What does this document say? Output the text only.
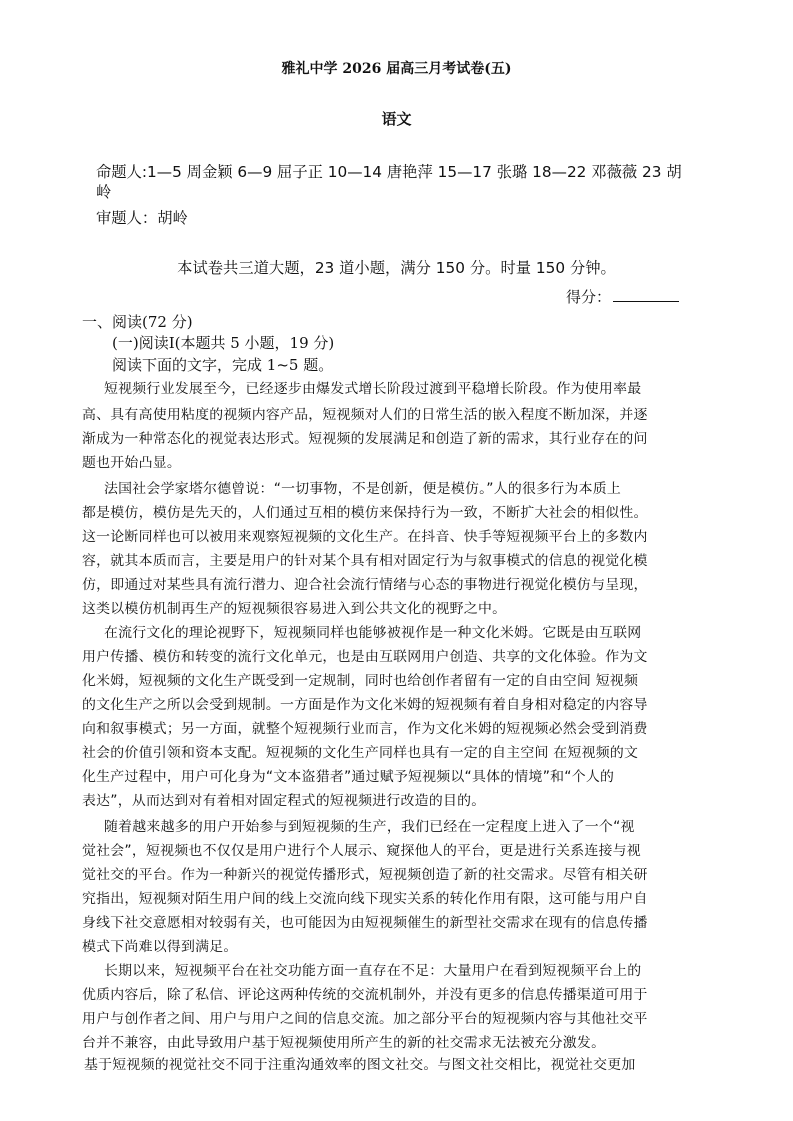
雅礼中学 2026 届高三月考试卷(五)
语文
命题人:1—5 周金颖 6—9 屈子正 10—14 唐艳萍 15—17 张璐 18—22 邓薇薇 23 胡
岭
审题人：胡岭
本试卷共三道大题，23 道小题，满分 150 分。时量 150 分钟。
得分：
一、阅读(72 分)
(一)阅读Ⅰ(本题共 5 小题，19 分)
阅读下面的文字，完成 1~5 题。
短视频行业发展至今，已经逐步由爆发式增长阶段过渡到平稳增长阶段。作为使用率最
高、具有高使用粘度的视频内容产品，短视频对人们的日常生活的嵌入程度不断加深，并逐
渐成为一种常态化的视觉表达形式。短视频的发展满足和创造了新的需求，其行业存在的问
题也开始凸显。
法国社会学家塔尔德曾说：“一切事物，不是创新，便是模仿。”人的很多行为本质上
都是模仿，模仿是先天的，人们通过互相的模仿来保持行为一致，不断扩大社会的相似性。
这一论断同样也可以被用来观察短视频的文化生产。在抖音、快手等短视频平台上的多数内
容，就其本质而言，主要是用户的针对某个具有相对固定行为与叙事模式的信息的视觉化模
仿，即通过对某些具有流行潜力、迎合社会流行情绪与心态的事物进行视觉化模仿与呈现，
这类以模仿机制再生产的短视频很容易进入到公共文化的视野之中。
在流行文化的理论视野下，短视频同样也能够被视作是一种文化米姆。它既是由互联网
用户传播、模仿和转变的流行文化单元，也是由互联网用户创造、共享的文化体验。作为文
化米姆，短视频的文化生产既受到一定规制，同时也给创作者留有一定的自由空间 短视频
的文化生产之所以会受到规制。一方面是作为文化米姆的短视频有着自身相对稳定的内容导
向和叙事模式；另一方面，就整个短视频行业而言，作为文化米姆的短视频必然会受到消费
社会的价值引领和资本支配。短视频的文化生产同样也具有一定的自主空间 在短视频的文
化生产过程中，用户可化身为“文本盗猎者”通过赋予短视频以“具体的情境”和“个人的
表达”，从而达到对有着相对固定程式的短视频进行改造的目的。
随着越来越多的用户开始参与到短视频的生产，我们已经在一定程度上进入了一个“视
觉社会”，短视频也不仅仅是用户进行个人展示、窥探他人的平台，更是进行关系连接与视
觉社交的平台。作为一种新兴的视觉传播形式，短视频创造了新的社交需求。尽管有相关研
究指出，短视频对陌生用户间的线上交流向线下现实关系的转化作用有限，这可能与用户自
身线下社交意愿相对较弱有关，也可能因为由短视频催生的新型社交需求在现有的信息传播
模式下尚难以得到满足。
长期以来，短视频平台在社交功能方面一直存在不足：大量用户在看到短视频平台上的
优质内容后，除了私信、评论这两种传统的交流机制外，并没有更多的信息传播渠道可用于
用户与创作者之间、用户与用户之间的信息交流。加之部分平台的短视频内容与其他社交平
台并不兼容，由此导致用户基于短视频使用所产生的新的社交需求无法被充分激发。
基于短视频的视觉社交不同于注重沟通效率的图文社交。与图文社交相比，视觉社交更加
